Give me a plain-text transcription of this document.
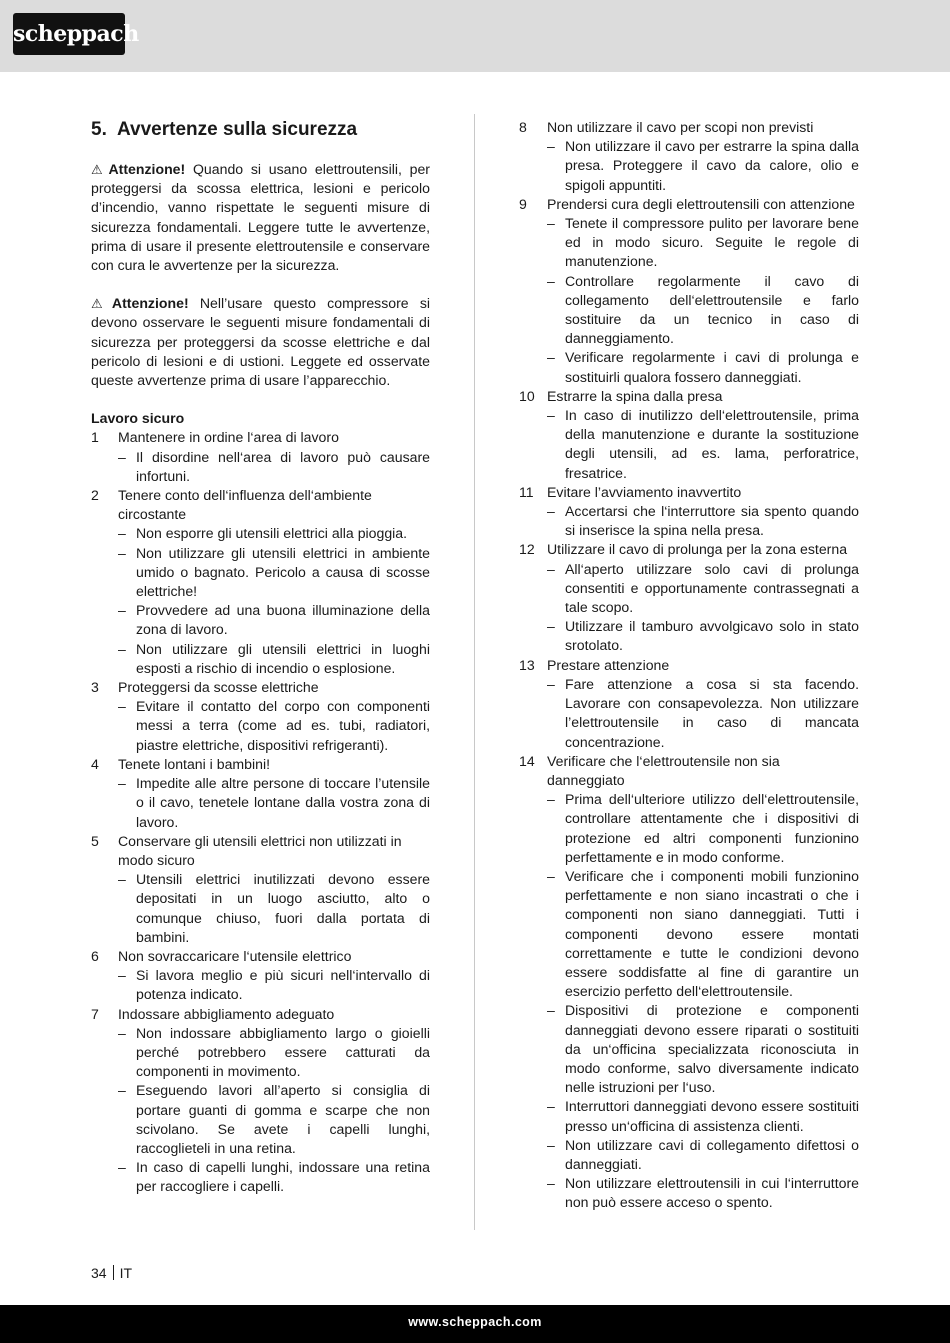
scheppach
5. Avvertenze sulla sicurezza

⚠ Attenzione! Quando si usano elettroutensili, per proteggersi da scossa elettrica, lesioni e pericolo d’incendio, vanno rispettate le seguenti misure di sicurezza fondamentali. Leggere tutte le avvertenze, prima di usare il presente elettroutensile e conservare con cura le avvertenze per la sicurezza.

⚠ Attenzione! Nell’usare questo compressore si devono osservare le seguenti misure fondamentali di sicurezza per proteggersi da scosse elettriche e dal pericolo di lesioni e di ustioni. Leggete ed osservate queste avvertenze prima di usare l’apparecchio.

Lavoro sicuro
1	Mantenere in ordine l‘area di lavoro
– Il disordine nell‘area di lavoro può causare infortuni.
2	Tenere conto dell‘influenza dell‘ambiente circostante
– Non esporre gli utensili elettrici alla pioggia.
– Non utilizzare gli utensili elettrici in ambiente umido o bagnato. Pericolo a causa di scosse elettriche!
– Provvedere ad una buona illuminazione della zona di lavoro.
– Non utilizzare gli utensili elettrici in luoghi esposti a rischio di incendio o esplosione.
3	Proteggersi da scosse elettriche
– Evitare il contatto del corpo con componenti messi a terra (come ad es. tubi, radiatori, piastre elettriche, dispositivi refrigeranti).
4	Tenete lontani i bambini!
– Impedite alle altre persone di toccare l’utensile o il cavo, tenetele lontane dalla vostra zona di lavoro.
5	Conservare gli utensili elettrici non utilizzati in modo sicuro
– Utensili elettrici inutilizzati devono essere depositati in un luogo asciutto, alto o comunque chiuso, fuori dalla portata di bambini.
6	Non sovraccaricare l‘utensile elettrico
– Si lavora meglio e più sicuri nell‘intervallo di potenza indicato.
7	Indossare abbigliamento adeguato
– Non indossare abbigliamento largo o gioielli perché potrebbero essere catturati da componenti in movimento.
– Eseguendo lavori all’aperto si consiglia di portare guanti di gomma e scarpe che non scivolano. Se avete i capelli lunghi, raccoglieteli in una retina.
– In caso di capelli lunghi, indossare una retina per raccogliere i capelli.
8	Non utilizzare il cavo per scopi non previsti
– Non utilizzare il cavo per estrarre la spina dalla presa. Proteggere il cavo da calore, olio e spigoli appuntiti.
9	Prendersi cura degli elettroutensili con attenzione
– Tenete il compressore pulito per lavorare bene ed in modo sicuro. Seguite le regole di manutenzione.
– Controllare regolarmente il cavo di collegamento dell‘elettroutensile e farlo sostituire da un tecnico in caso di danneggiamento.
– Verificare regolarmente i cavi di prolunga e sostituirli qualora fossero danneggiati.
10 Estrarre la spina dalla presa
– In caso di inutilizzo dell‘elettroutensile, prima della manutenzione e durante la sostituzione degli utensili, ad es. lama, perforatrice, fresatrice.
11 Evitare l’avviamento inavvertito
– Accertarsi che l‘interruttore sia spento quando si inserisce la spina nella presa.
12 Utilizzare il cavo di prolunga per la zona esterna
– All‘aperto utilizzare solo cavi di prolunga consentiti e opportunamente contrassegnati a tale scopo.
– Utilizzare il tamburo avvolgicavo solo in stato srotolato.
13 Prestare attenzione
– Fare attenzione a cosa si sta facendo. Lavorare con consapevolezza. Non utilizzare l’elettroutensile in caso di mancata concentrazione.
14 Verificare che l‘elettroutensile non sia danneggiato
– Prima dell‘ulteriore utilizzo dell‘elettroutensile, controllare attentamente che i dispositivi di protezione ed altri componenti funzionino perfettamente e in modo conforme.
– Verificare che i componenti mobili funzionino perfettamente e non siano incastrati o che i componenti non siano danneggiati. Tutti i componenti devono essere montati correttamente e tutte le condizioni devono essere soddisfatte al fine di garantire un esercizio perfetto dell‘elettroutensile.
– Dispositivi di protezione e componenti danneggiati devono essere riparati o sostituiti da un‘officina specializzata riconosciuta in modo conforme, salvo diversamente indicato nelle istruzioni per l‘uso.
– Interruttori danneggiati devono essere sostituiti presso un‘officina di assistenza clienti.
– Non utilizzare cavi di collegamento difettosi o danneggiati.
– Non utilizzare elettroutensili in cui l‘interruttore non può essere acceso o spento.
34 IT
www.scheppach.com
